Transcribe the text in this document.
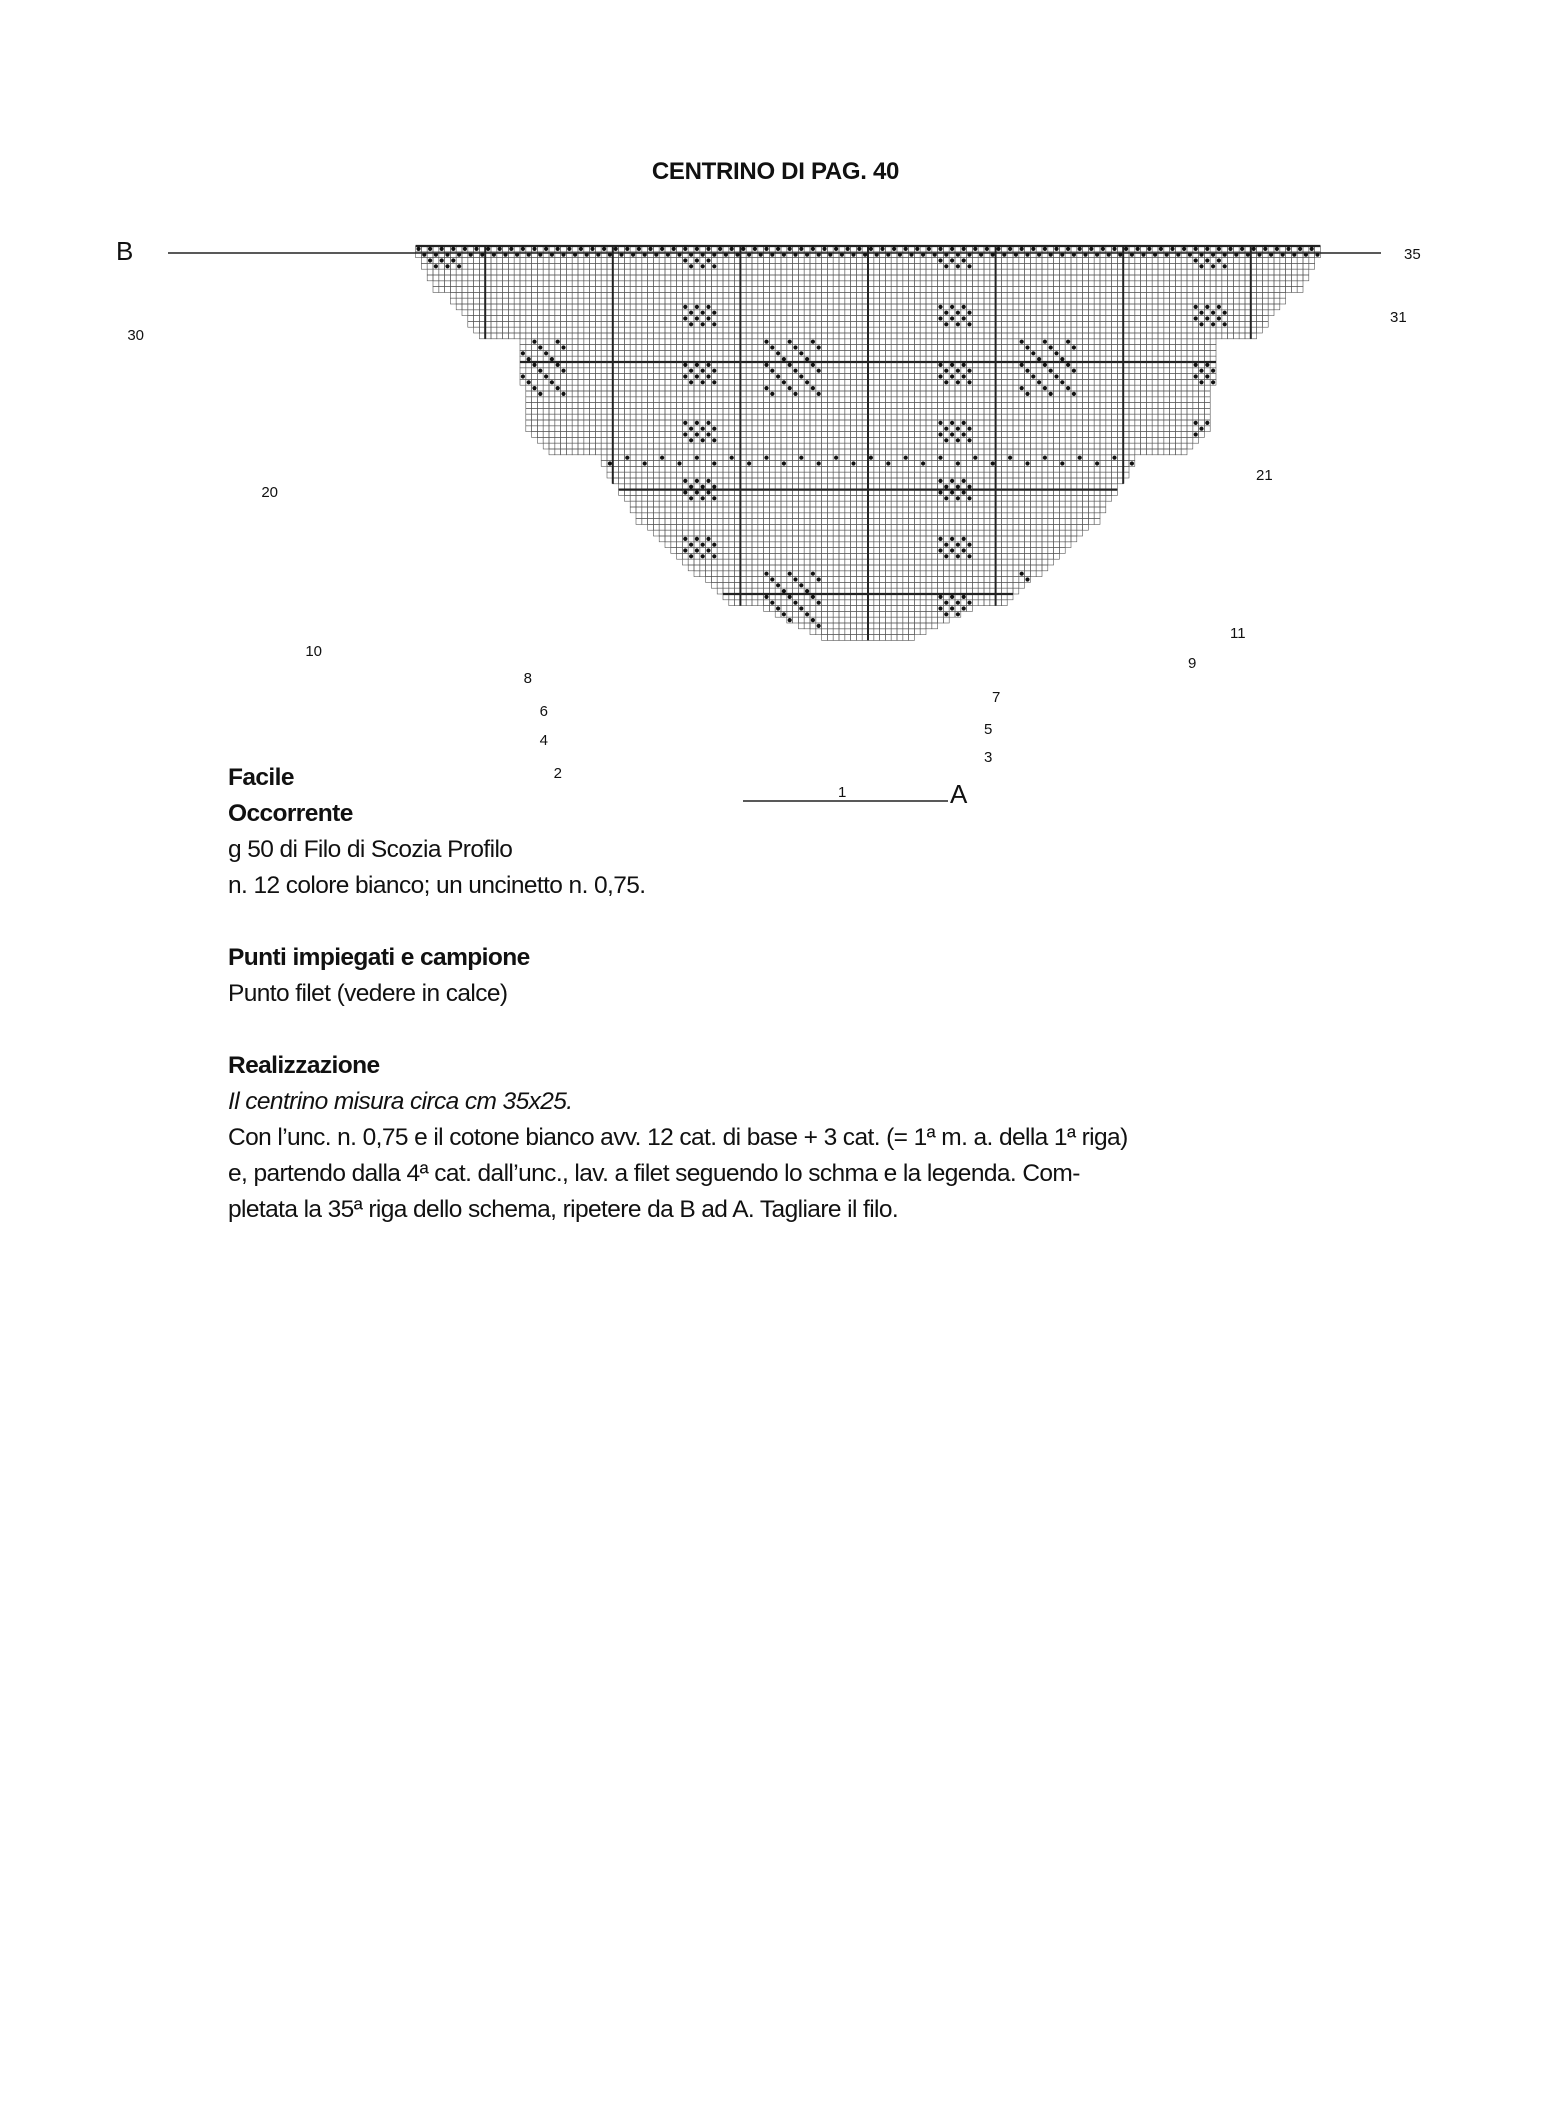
CENTRINO DI PAG. 40
B
A
30
20
10
8
6
4
2
35
31
21
11
9
7
5
3
1

Facile

Occorrente

g 50 di Filo di Scozia Profilo

n. 12 colore bianco; un uncinetto n. 0,75.

Punti impiegati e campione

Punto filet (vedere in calce)

Realizzazione

Il centrino misura circa cm 35x25.

Con l’unc. n. 0,75 e il cotone bianco avv. 12 cat. di base + 3 cat. (= 1ª m. a. della 1ª riga)

e, partendo dalla 4ª cat. dall’unc., lav. a filet seguendo lo schma e la legenda. Com-

pletata la 35ª riga dello schema, ripetere da B ad A. Tagliare il filo.
